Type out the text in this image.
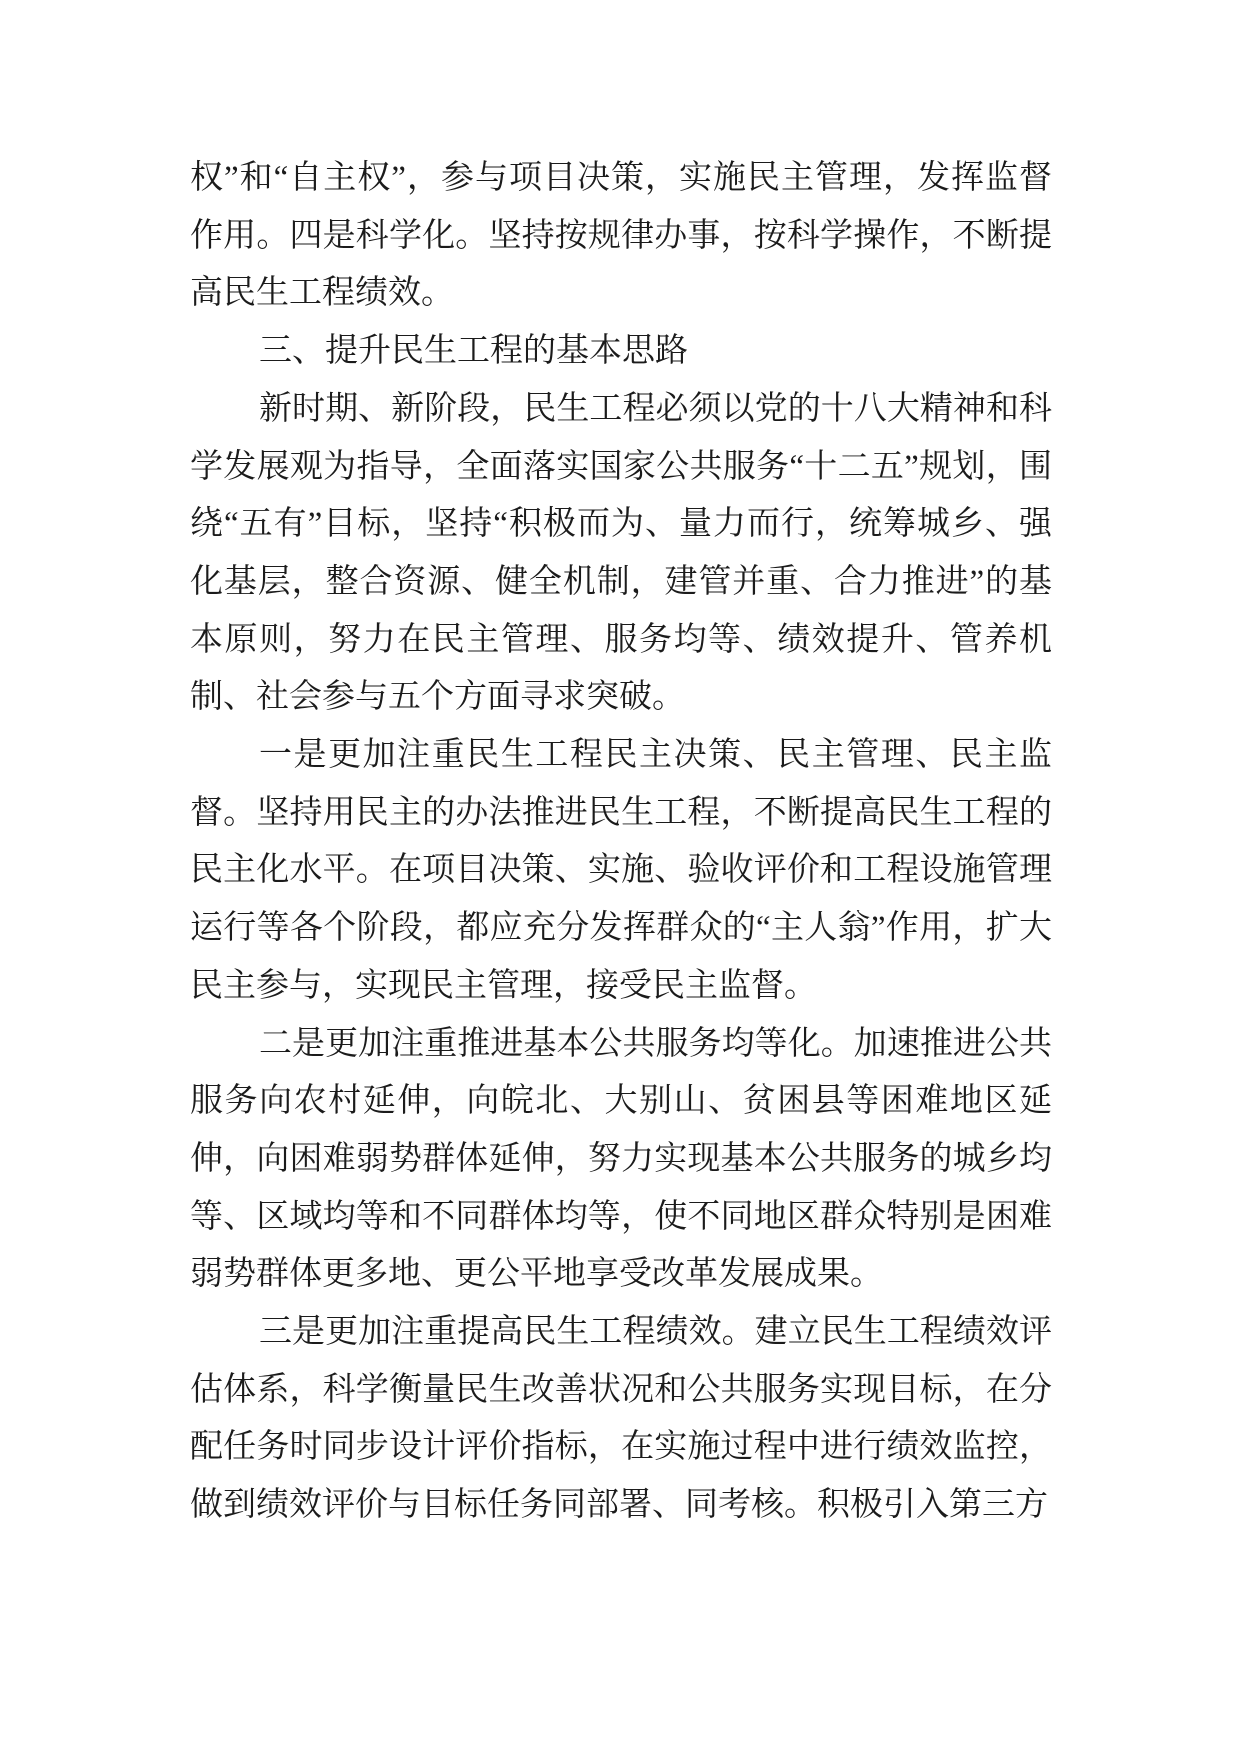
权”和“自主权”，参与项目决策，实施民主管理，发挥监督作用。四是科学化。坚持按规律办事，按科学操作，不断提高民生工程绩效。

三、提升民生工程的基本思路

新时期、新阶段，民生工程必须以党的十八大精神和科学发展观为指导，全面落实国家公共服务“十二五”规划，围绕“五有”目标，坚持“积极而为、量力而行，统筹城乡、强化基层，整合资源、健全机制，建管并重、合力推进”的基本原则，努力在民主管理、服务均等、绩效提升、管养机制、社会参与五个方面寻求突破。

一是更加注重民生工程民主决策、民主管理、民主监督。坚持用民主的办法推进民生工程，不断提高民生工程的民主化水平。在项目决策、实施、验收评价和工程设施管理运行等各个阶段，都应充分发挥群众的“主人翁”作用，扩大民主参与，实现民主管理，接受民主监督。

二是更加注重推进基本公共服务均等化。加速推进公共服务向农村延伸，向皖北、大别山、贫困县等困难地区延伸，向困难弱势群体延伸，努力实现基本公共服务的城乡均等、区域均等和不同群体均等，使不同地区群众特别是困难弱势群体更多地、更公平地享受改革发展成果。

三是更加注重提高民生工程绩效。建立民生工程绩效评估体系，科学衡量民生改善状况和公共服务实现目标，在分配任务时同步设计评价指标，在实施过程中进行绩效监控，做到绩效评价与目标任务同部署、同考核。积极引入第三方
